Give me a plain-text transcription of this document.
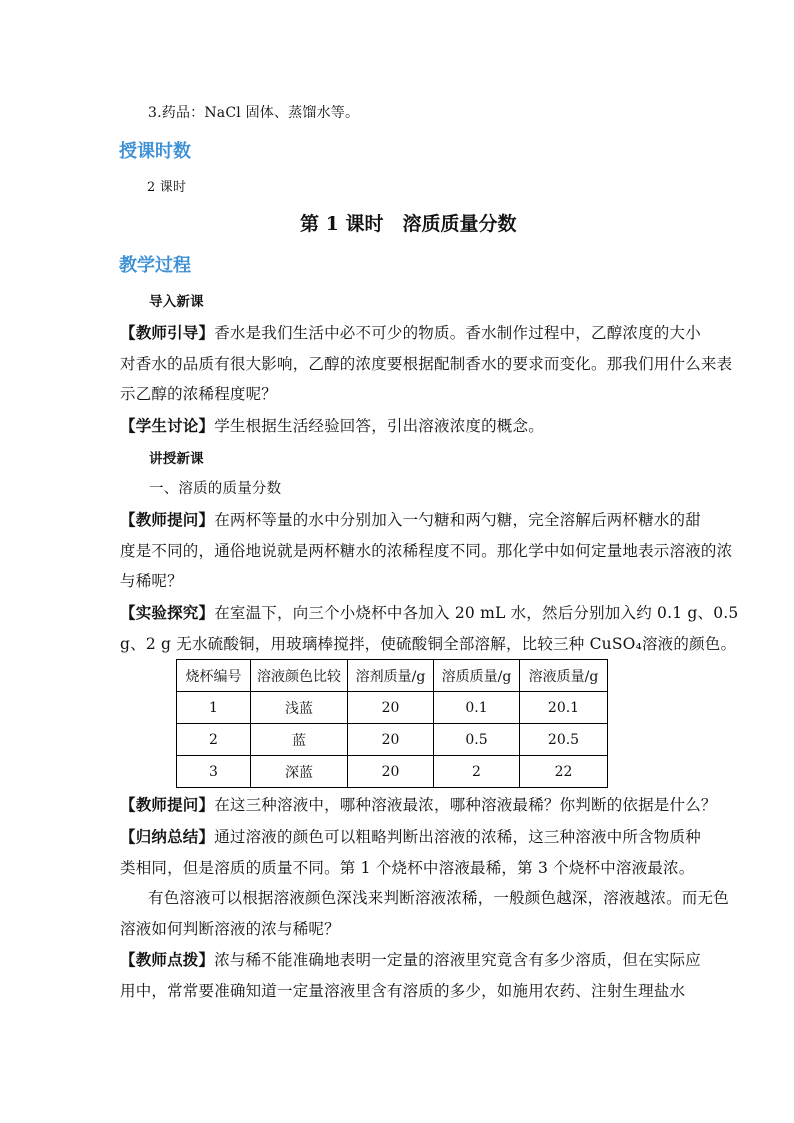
3.药品：NaCl 固体、蒸馏水等。
授课时数
2 课时
第 1 课时　溶质质量分数
教学过程
导入新课
【教师引导】香水是我们生活中必不可少的物质。香水制作过程中，乙醇浓度的大小
对香水的品质有很大影响，乙醇的浓度要根据配制香水的要求而变化。那我们用什么来表
示乙醇的浓稀程度呢？
【学生讨论】学生根据生活经验回答，引出溶液浓度的概念。
讲授新课
一、溶质的质量分数
【教师提问】在两杯等量的水中分别加入一勺糖和两勺糖，完全溶解后两杯糖水的甜
度是不同的，通俗地说就是两杯糖水的浓稀程度不同。那化学中如何定量地表示溶液的浓
与稀呢？
【实验探究】在室温下，向三个小烧杯中各加入 20 mL 水，然后分别加入约 0.1 g、0.5
g、2 g 无水硫酸铜，用玻璃棒搅拌，使硫酸铜全部溶解，比较三种 CuSO₄溶液的颜色。
烧杯编号	溶液颜色比较	溶剂质量/g	溶质质量/g	溶液质量/g
1	浅蓝	20	0.1	20.1
2	蓝	20	0.5	20.5
3	深蓝	20	2	22
【教师提问】在这三种溶液中，哪种溶液最浓，哪种溶液最稀？你判断的依据是什么？
【归纳总结】通过溶液的颜色可以粗略判断出溶液的浓稀，这三种溶液中所含物质种
类相同，但是溶质的质量不同。第 1 个烧杯中溶液最稀，第 3 个烧杯中溶液最浓。
有色溶液可以根据溶液颜色深浅来判断溶液浓稀，一般颜色越深，溶液越浓。而无色
溶液如何判断溶液的浓与稀呢？
【教师点拨】浓与稀不能准确地表明一定量的溶液里究竟含有多少溶质，但在实际应
用中，常常要准确知道一定量溶液里含有溶质的多少，如施用农药、注射生理盐水
